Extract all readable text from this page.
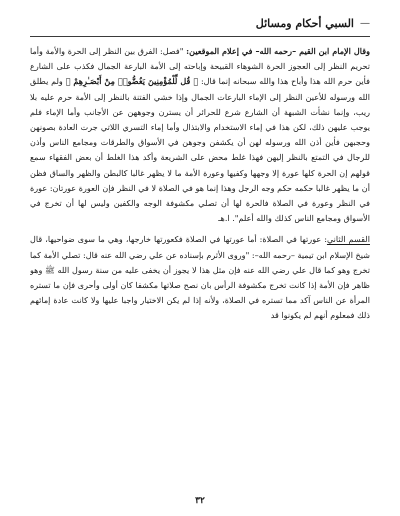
السبي أحكام ومسائل —

وقال الإمام ابن القيم –رحمه الله– في إعلام الموقعين: "فصل: الفرق بين النظر إلى الحرة والأمة وأما تحريم النظر إلى العجوز الحرة الشوهاء القبيحة وإباحته إلى الأمة البارعة الجمال فكذب على الشارع فأين حرم الله هذا وأباح هذا والله سبحانه إنما قال: ﴿ قُل لِّلْمُؤْمِنِينَ يَغُضُّوا۟ مِنْ أَبْصَـٰرِهِمْ ﴾ ولم يطلق الله ورسوله للأعين النظر إلى الإماء البارعات الجمال وإذا خشي الفتنة بالنظر إلى الأمة حرم عليه بلا ريب، وإنما نشأت الشبهة أن الشارع شرع للحرائر أن يسترن وجوههن عن الأجانب وأما الإماء فلم يوجب عليهن ذلك، لكن هذا في إماء الاستخدام والابتذال وأما إماء التسري اللاتي جرت العادة بصونهن وحجبهن فأين أذن الله ورسوله لهن أن يكشفن وجوهن في الأسواق والطرقات ومجامع الناس وأذن للرجال في التمتع بالنظر إليهن فهذا غلط محض على الشريعة وأكد هذا الغلط أن بعض الفقهاء سمع قولهم إن الحرة كلها عورة إلا وجهها وكفيها وعورة الأمة ما لا يظهر غالبا كالبطن والظهر والساق فظن أن ما يظهر غالبا حكمه حكم وجه الرجل وهذا إنما هو في الصلاة لا في النظر فإن العورة عورتان: عورة في النظر وعورة في الصلاة فالحرة لها أن تصلي مكشوفة الوجه والكفين وليس لها أن تخرج في الأسواق ومجامع الناس كذلك والله أعلم". ا.هـ

القسم الثاني: عورتها في الصلاة: أما عورتها في الصلاة فكعورتها خارجها، وهي ما سوى ضواحيها، قال شيخ الإسلام ابن تيمية –رحمه الله–: "وروى الأثرم بإسناده عن علي رضي الله عنه قال: تصلي الأمة كما تخرج وهو كما قال علي رضي الله عنه فإن مثل هذا لا يجوز أن يخفى عليه من سنة رسول الله ﷺ وهو ظاهر فإن الأمة إذا كانت تخرج مكشوفة الرأس بان نصح صلاتها مكشفا كان أولى وأحرى فإن ما تستره المرأة عن الناس آكد مما تستره في الصلاة، ولأنه إذا لم يكن الاختيار واجبا عليها ولا كانت عادة إمائهم ذلك فمعلوم أنهم لم يكونوا قد

٣٢
